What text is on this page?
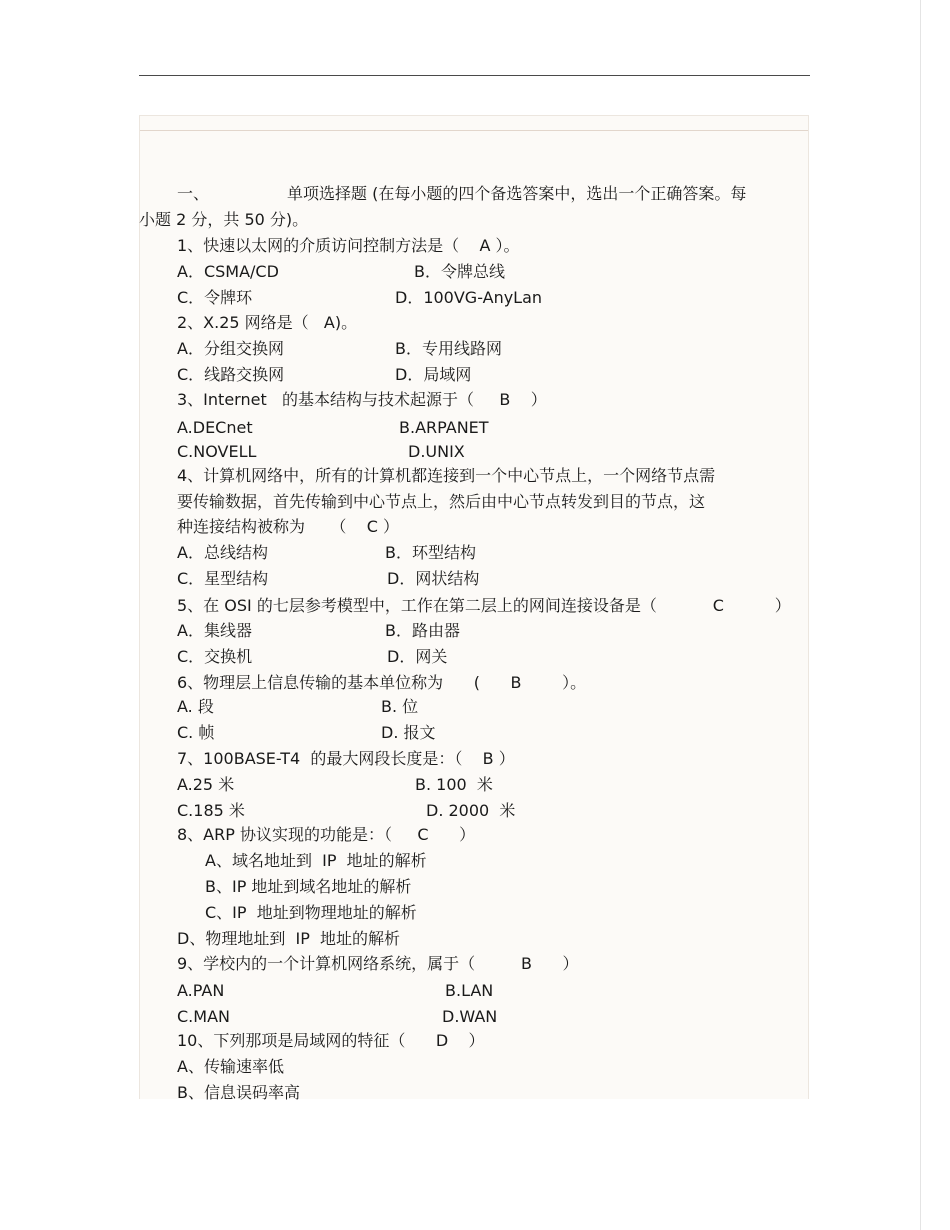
一、	单项选择题 (在每小题的四个备选答案中，选出一个正确答案。每
小题 2 分，共 50 分)。
1、快速以太网的介质访问控制方法是（    A ）。
A．CSMA/CD	B．令牌总线
C．令牌环	D．100VG-AnyLan
2、X.25 网络是（   A)。
A．分组交换网	B．专用线路网
C．线路交换网	D．局域网
3、Internet   的基本结构与技术起源于（     B    ）
A.DECnet	B.ARPANET
C.NOVELL	D.UNIX
4、计算机网络中，所有的计算机都连接到一个中心节点上，一个网络节点需
要传输数据，首先传输到中心节点上，然后由中心节点转发到目的节点，这
种连接结构被称为     （    C ）
A．总线结构	B．环型结构
C．星型结构	D．网状结构
5、在 OSI 的七层参考模型中，工作在第二层上的网间连接设备是（           C          ）
A．集线器	B．路由器
C．交换机	D．网关
6、物理层上信息传输的基本单位称为      (      B        ）。
A. 段	B. 位
C. 帧	D. 报文
7、100BASE-T4  的最大网段长度是：（    B ）
A.25 米	B. 100  米
C.185 米	D. 2000  米
8、ARP 协议实现的功能是：（     C      ）
A、域名地址到  IP  地址的解析
B、IP 地址到域名地址的解析
C、IP  地址到物理地址的解析
D、物理地址到  IP  地址的解析
9、学校内的一个计算机网络系统，属于（         B      ）
A.PAN	B.LAN
C.MAN	D.WAN
10、下列那项是局域网的特征（      D    ）
A、传输速率低
B、信息误码率高
